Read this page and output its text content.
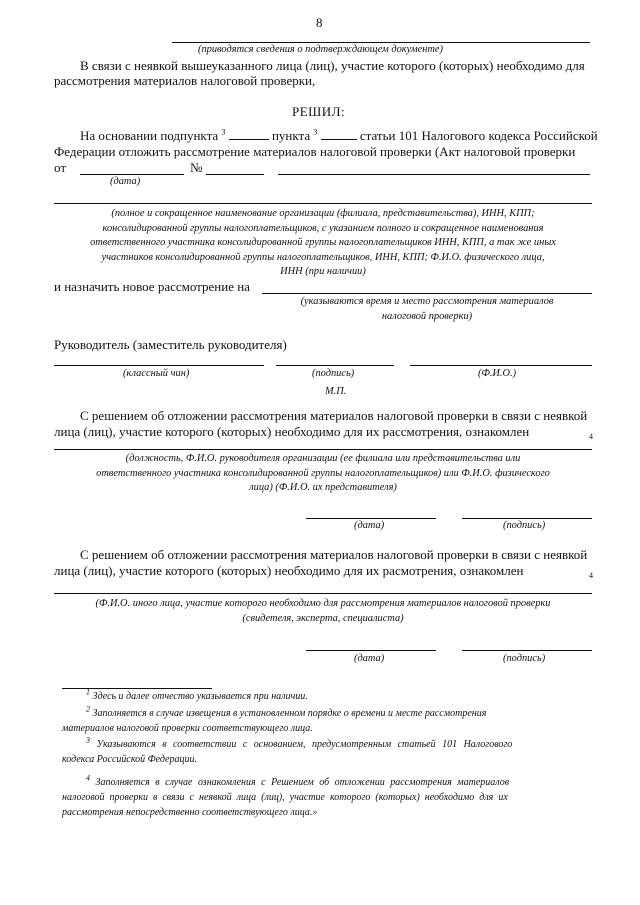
8
(приводятся сведения о подтверждающем документе)
В связи с неявкой вышеуказанного лица (лиц), участие которого (которых) необходимо для
рассмотрения материалов налоговой проверки,
РЕШИЛ:
На основании подпункта $^3$	пункта $^3$	статьи 101 Налогового кодекса Российской
Федерации отложить рассмотрение материалов налоговой проверки (Акт налоговой проверки
от	№
(дата)
(полное и сокращенное наименование организации (филиала, представительства), ИНН, КПП;
консолидированной группы налогоплательщиков, с указанием полного и сокращенное наименования
ответственного участника консолидированной группы налогоплательщиков ИНН, КПП, а так же иных
участников консолидированной группы налогоплательщиков, ИНН, КПП; Ф.И.О. физического лица,
ИНН (при наличии)
и назначить новое рассмотрение на
(указываются время и место рассмотрения материалов
налоговой проверки)
Руководитель (заместитель руководителя)
(классный чин)	(подпись)	(Ф.И.О.)
М.П.
С решением об отложении рассмотрения материалов налоговой проверки в связи с неявкой
лица (лиц), участие которого (которых) необходимо для их рассмотрения, ознакомлен	4
(должность, Ф.И.О. руководителя организации (ее филиала или представительства или
ответственного участника консолидированной группы налогоплательщиков) или Ф.И.О. физического
лица) (Ф.И.О. их представителя)
(дата)	(подпись)
С решением об отложении рассмотрения материалов налоговой проверки в связи с неявкой
лица (лиц), участие которого (которых) необходимо для их расмотрения, ознакомлен	4
(Ф.И.О. иного лица, участие которого необходимо для рассмотрения материалов налоговой проверки
(свидетеля, эксперта, специалиста)
(дата)	(подпись)
$^1$ Здесь и далее отчество указывается при наличии.
$^2$ Заполняется в случае извещения в установленном порядке о времени и месте рассмотрения
материалов налоговой проверки соответствующего лица.
$^3$ Указываются в соответствии с основанием, предусмотренным статьей 101 Налогового
кодекса Российской Федерации.
$^4$ Заполняется в случае ознакомления с Решением об отложении рассмотрения материалов
налоговой проверки в связи с неявкой лица (лиц), участие которого (которых) необходимо для их
рассмотрения непосредственно соответствующего лица.»
